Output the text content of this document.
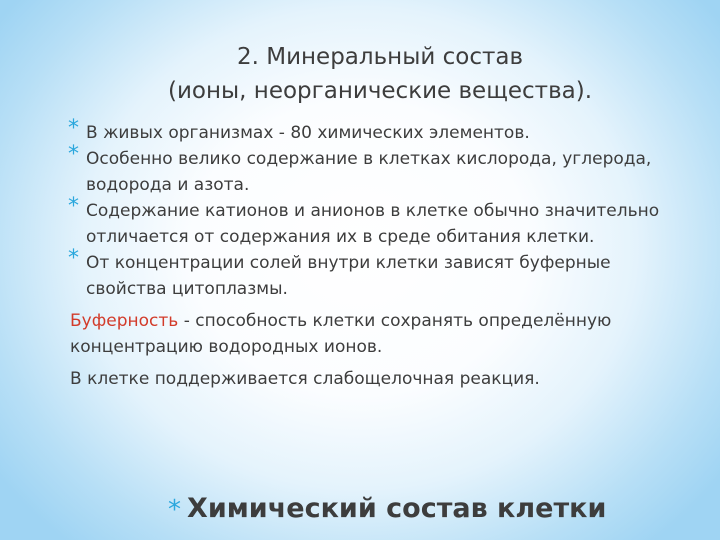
2. Минеральный состав
(ионы, неорганические вещества).

* В живых организмах - 80 химических элементов.

* Особенно велико содержание в клетках кислорода, углерода, водорода и азота.

* Содержание катионов и анионов в клетке обычно значительно отличается от содержания их в среде обитания клетки.

* От концентрации солей внутри клетки зависят буферные свойства цитоплазмы.

Буферность - способность клетки сохранять определённую концентрацию водородных ионов.

В клетке поддерживается слабощелочная реакция.

* Химический состав клетки
